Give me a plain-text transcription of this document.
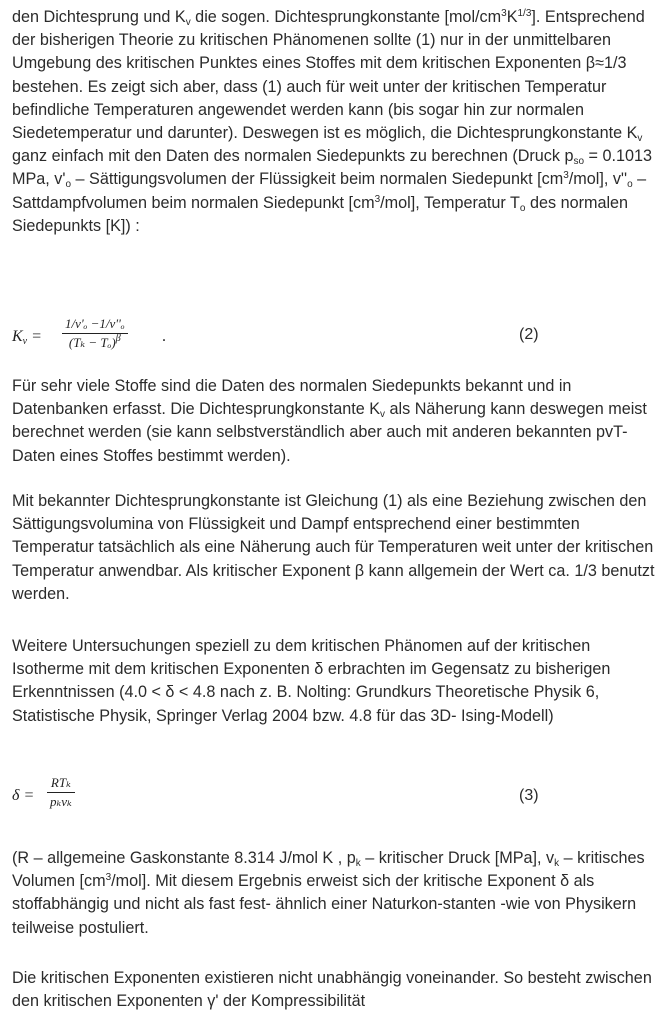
den Dichtesprung und $K_v$ die sogen. Dichtesprungkonstante $[mol/cm^3K^{1/3}]$. Entsprechend der bisherigen Theorie zu kritischen Phänomenen sollte (1) nur in der unmittelbaren Umgebung des kritischen Punktes eines Stoffes mit dem kritischen Exponenten β≈1/3 bestehen. Es zeigt sich aber, dass (1) auch für weit unter der kritischen Temperatur befindliche Temperaturen angewendet werden kann (bis sogar hin zur normalen Siedetemperatur und darunter). Deswegen ist es möglich, die Dichtesprungkonstante $K_v$ ganz einfach mit den Daten des normalen Siedepunkts zu berechnen (Druck $p_{so} = 0.1013$ MPa, $v'_o$ – Sättigungsvolumen der Flüssigkeit beim normalen Siedepunkt $[cm^3/mol]$, $v''_o$ – Sattdampfvolumen beim normalen Siedepunkt $[cm^3/mol]$, Temperatur $T_o$ des normalen Siedepunkts [K]) :
$K_v$ =
1/v'ₒ −1/v''ₒ
$(T_k - T_o)^\beta$	.	(2)
Für sehr viele Stoffe sind die Daten des normalen Siedepunkts bekannt und in Datenbanken erfasst. Die Dichtesprungkonstante $K_v$ als Näherung kann deswegen meist berechnet werden (sie kann selbstverständlich aber auch mit anderen bekannten pvT- Daten eines Stoffes bestimmt werden).
Mit bekannter Dichtesprungkonstante ist Gleichung (1) als eine Beziehung zwischen den Sättigungsvolumina von Flüssigkeit und Dampf entsprechend einer bestimmten Temperatur tatsächlich als eine Näherung auch für Temperaturen weit unter der kritischen Temperatur anwendbar. Als kritischer Exponent β kann allgemein der Wert ca. 1/3 benutzt werden.
Weitere Untersuchungen speziell zu dem kritischen Phänomen auf der kritischen Isotherme mit dem kritischen Exponenten δ erbrachten im Gegensatz zu bisherigen Erkenntnissen (4.0 < δ < 4.8 nach z. B. Nolting: Grundkurs Theoretische Physik 6, Statistische Physik, Springer Verlag 2004 bzw. 4.8 für das 3D- Ising-Modell)
δ =
RTₖ
pₖvₖ	(3)
(R – allgemeine Gaskonstante 8.314 J/mol K , $p_k$ – kritischer Druck [MPa], $v_k$ – kritisches Volumen $[cm^3/mol]$. Mit diesem Ergebnis erweist sich der kritische Exponent δ als stoffabhängig und nicht als fast fest- ähnlich einer Naturkon-stanten -wie von Physikern teilweise postuliert.
Die kritischen Exponenten existieren nicht unabhängig voneinander. So besteht zwischen den kritischen Exponenten γ' der Kompressibilität
